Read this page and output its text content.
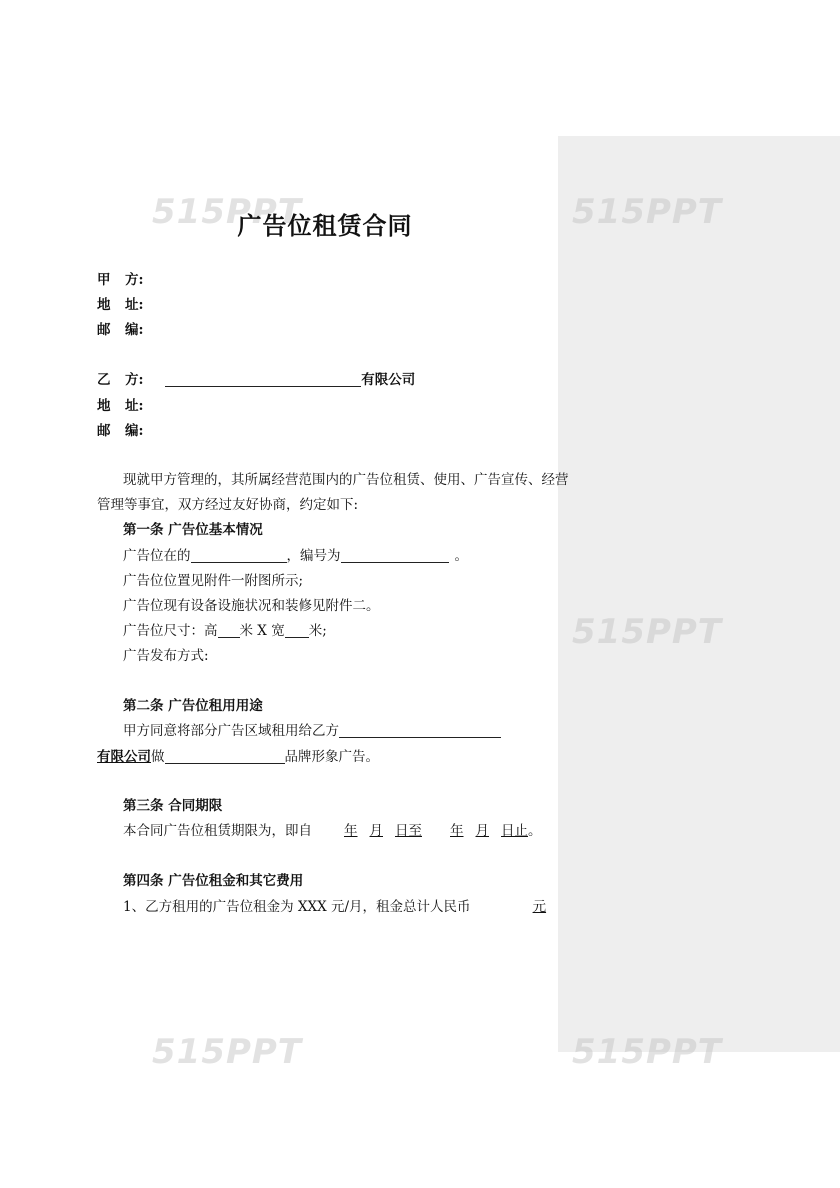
515PPT	515PPT
515PPT
515PPT	515PPT
广告位租赁合同
甲 方:
地 址:
邮 编:
乙 方:	有限公司
地 址:
邮 编:
现就甲方管理的，其所属经营范围内的广告位租赁、使用、广告宣传、经营
管理等事宜，双方经过友好协商，约定如下:
第一条 广告位基本情况
广告位在的	，编号为	。
广告位位置见附件一附图所示;
广告位现有设备设施状况和装修见附件二。
广告位尺寸：高 米 X 宽 米;
广告发布方式:
第二条 广告位租用用途
甲方同意将部分广告区域租用给乙方
有限公司做	品牌形象广告。
第三条 合同期限
本合同广告位租赁期限为，即自 年 月 日至 年 月 日止。
第四条 广告位租金和其它费用
1、乙方租用的广告位租金为 XXX 元/月，租金总计人民币	元
